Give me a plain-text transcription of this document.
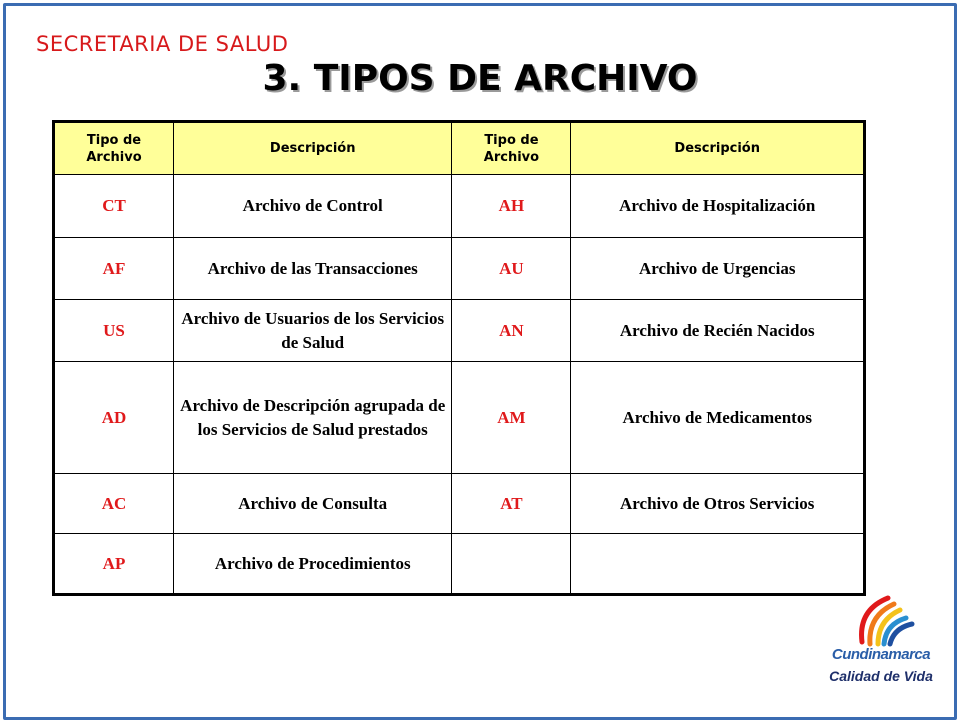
SECRETARIA DE SALUD
3. TIPOS DE ARCHIVO
Tipo de Archivo	Descripción	Tipo de Archivo	Descripción
CT	Archivo de Control	AH	Archivo de Hospitalización
AF	Archivo de las Transacciones	AU	Archivo de Urgencias
US	Archivo de Usuarios de los Servicios de Salud	AN	Archivo de Recién Nacidos
AD	Archivo de Descripción agrupada de los Servicios de Salud prestados	AM	Archivo de Medicamentos
AC	Archivo de Consulta	AT	Archivo de Otros Servicios
AP	Archivo de Procedimientos		
Cundinamarca
Calidad de Vida
